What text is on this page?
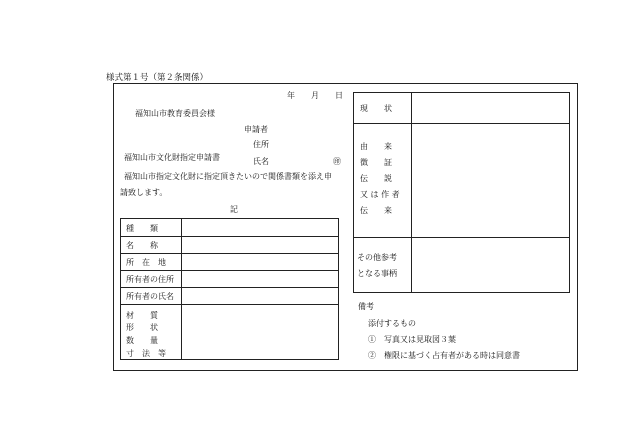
様式第１号（第２条関係）
年　　月　　日
福知山市教育委員会様
申請者
住所
福知山市文化財指定申請書	氏名	㊞
福知山市指定文化財に指定頂きたいので関係書類を添え申
請致します。
記
種　　類
名　　称
所　在　地
所有者の住所
所有者の氏名
材　　質
形　　状
数　　量
寸　法　等
現　　状
由　　来
徴　　証
伝　　説
又 は 作 者
伝　　来
その他参考
となる事柄
備考
添付するもの
①　写真又は見取図３葉
②　権限に基づく占有者がある時は同意書
